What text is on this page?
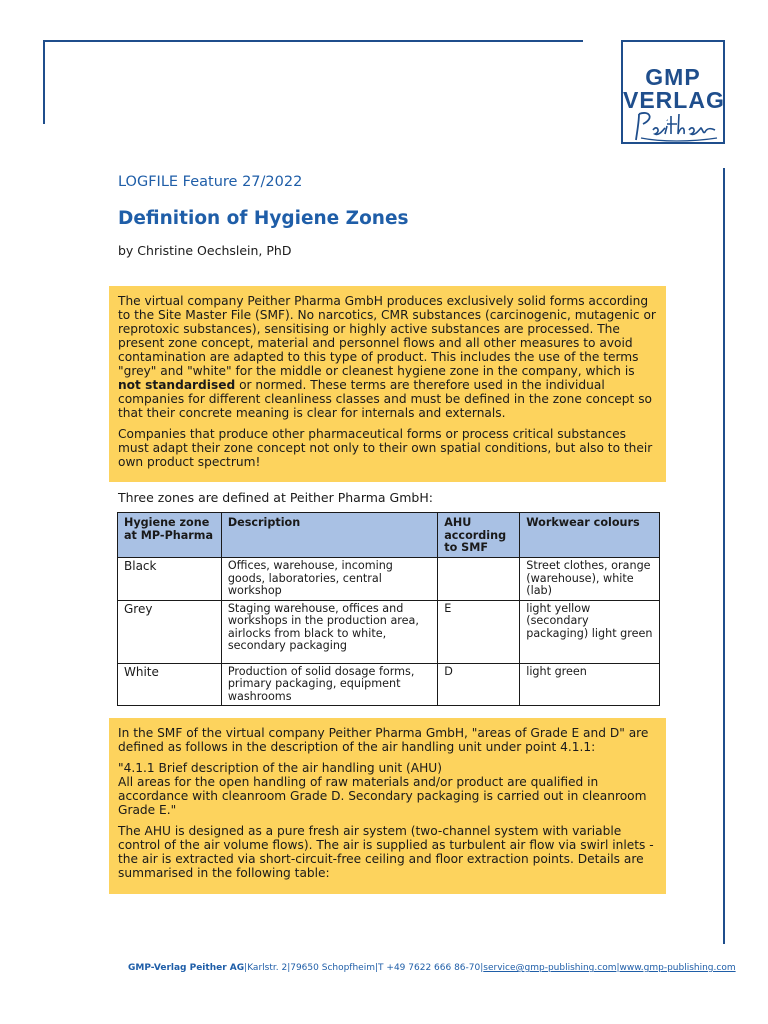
GMP
VERLAG
LOGFILE Feature 27/2022
Definition of Hygiene Zones
by Christine Oechslein, PhD

The virtual company Peither Pharma GmbH produces exclusively solid forms according to the Site Master File (SMF). No narcotics, CMR substances (carcinogenic, mutagenic or reprotoxic substances), sensitising or highly active substances are processed. The present zone concept, material and personnel flows and all other measures to avoid contamination are adapted to this type of product. This includes the use of the terms "grey" and "white" for the middle or cleanest hygiene zone in the company, which is not standardised or normed. These terms are therefore used in the individual companies for different cleanliness classes and must be defined in the zone concept so that their concrete meaning is clear for internals and externals.

Companies that produce other pharmaceutical forms or process critical substances must adapt their zone concept not only to their own spatial conditions, but also to their own product spectrum!

Three zones are defined at Peither Pharma GmbH:
Hygiene zone at MP-Pharma	Description	AHU according to SMF	Workwear colours
Black	Offices, warehouse, incoming goods, laboratories, central workshop		Street clothes, orange (warehouse), white (lab)
Grey	Staging warehouse, offices and workshops in the production area, airlocks from black to white, secondary packaging	E	light yellow (secondary packaging) light green
White	Production of solid dosage forms, primary packaging, equipment washrooms	D	light green

In the SMF of the virtual company Peither Pharma GmbH, "areas of Grade E and D" are defined as follows in the description of the air handling unit under point 4.1.1:

"4.1.1 Brief description of the air handling unit (AHU)
All areas for the open handling of raw materials and/or product are qualified in accordance with cleanroom Grade D. Secondary packaging is carried out in cleanroom Grade E."

The AHU is designed as a pure fresh air system (two-channel system with variable control of the air volume flows). The air is supplied as turbulent air flow via swirl inlets - the air is extracted via short-circuit-free ceiling and floor extraction points. Details are summarised in the following table:

GMP-Verlag Peither AG|Karlstr. 2|79650 Schopfheim|T +49 7622 666 86-70|service@gmp-publishing.com|www.gmp-publishing.com
